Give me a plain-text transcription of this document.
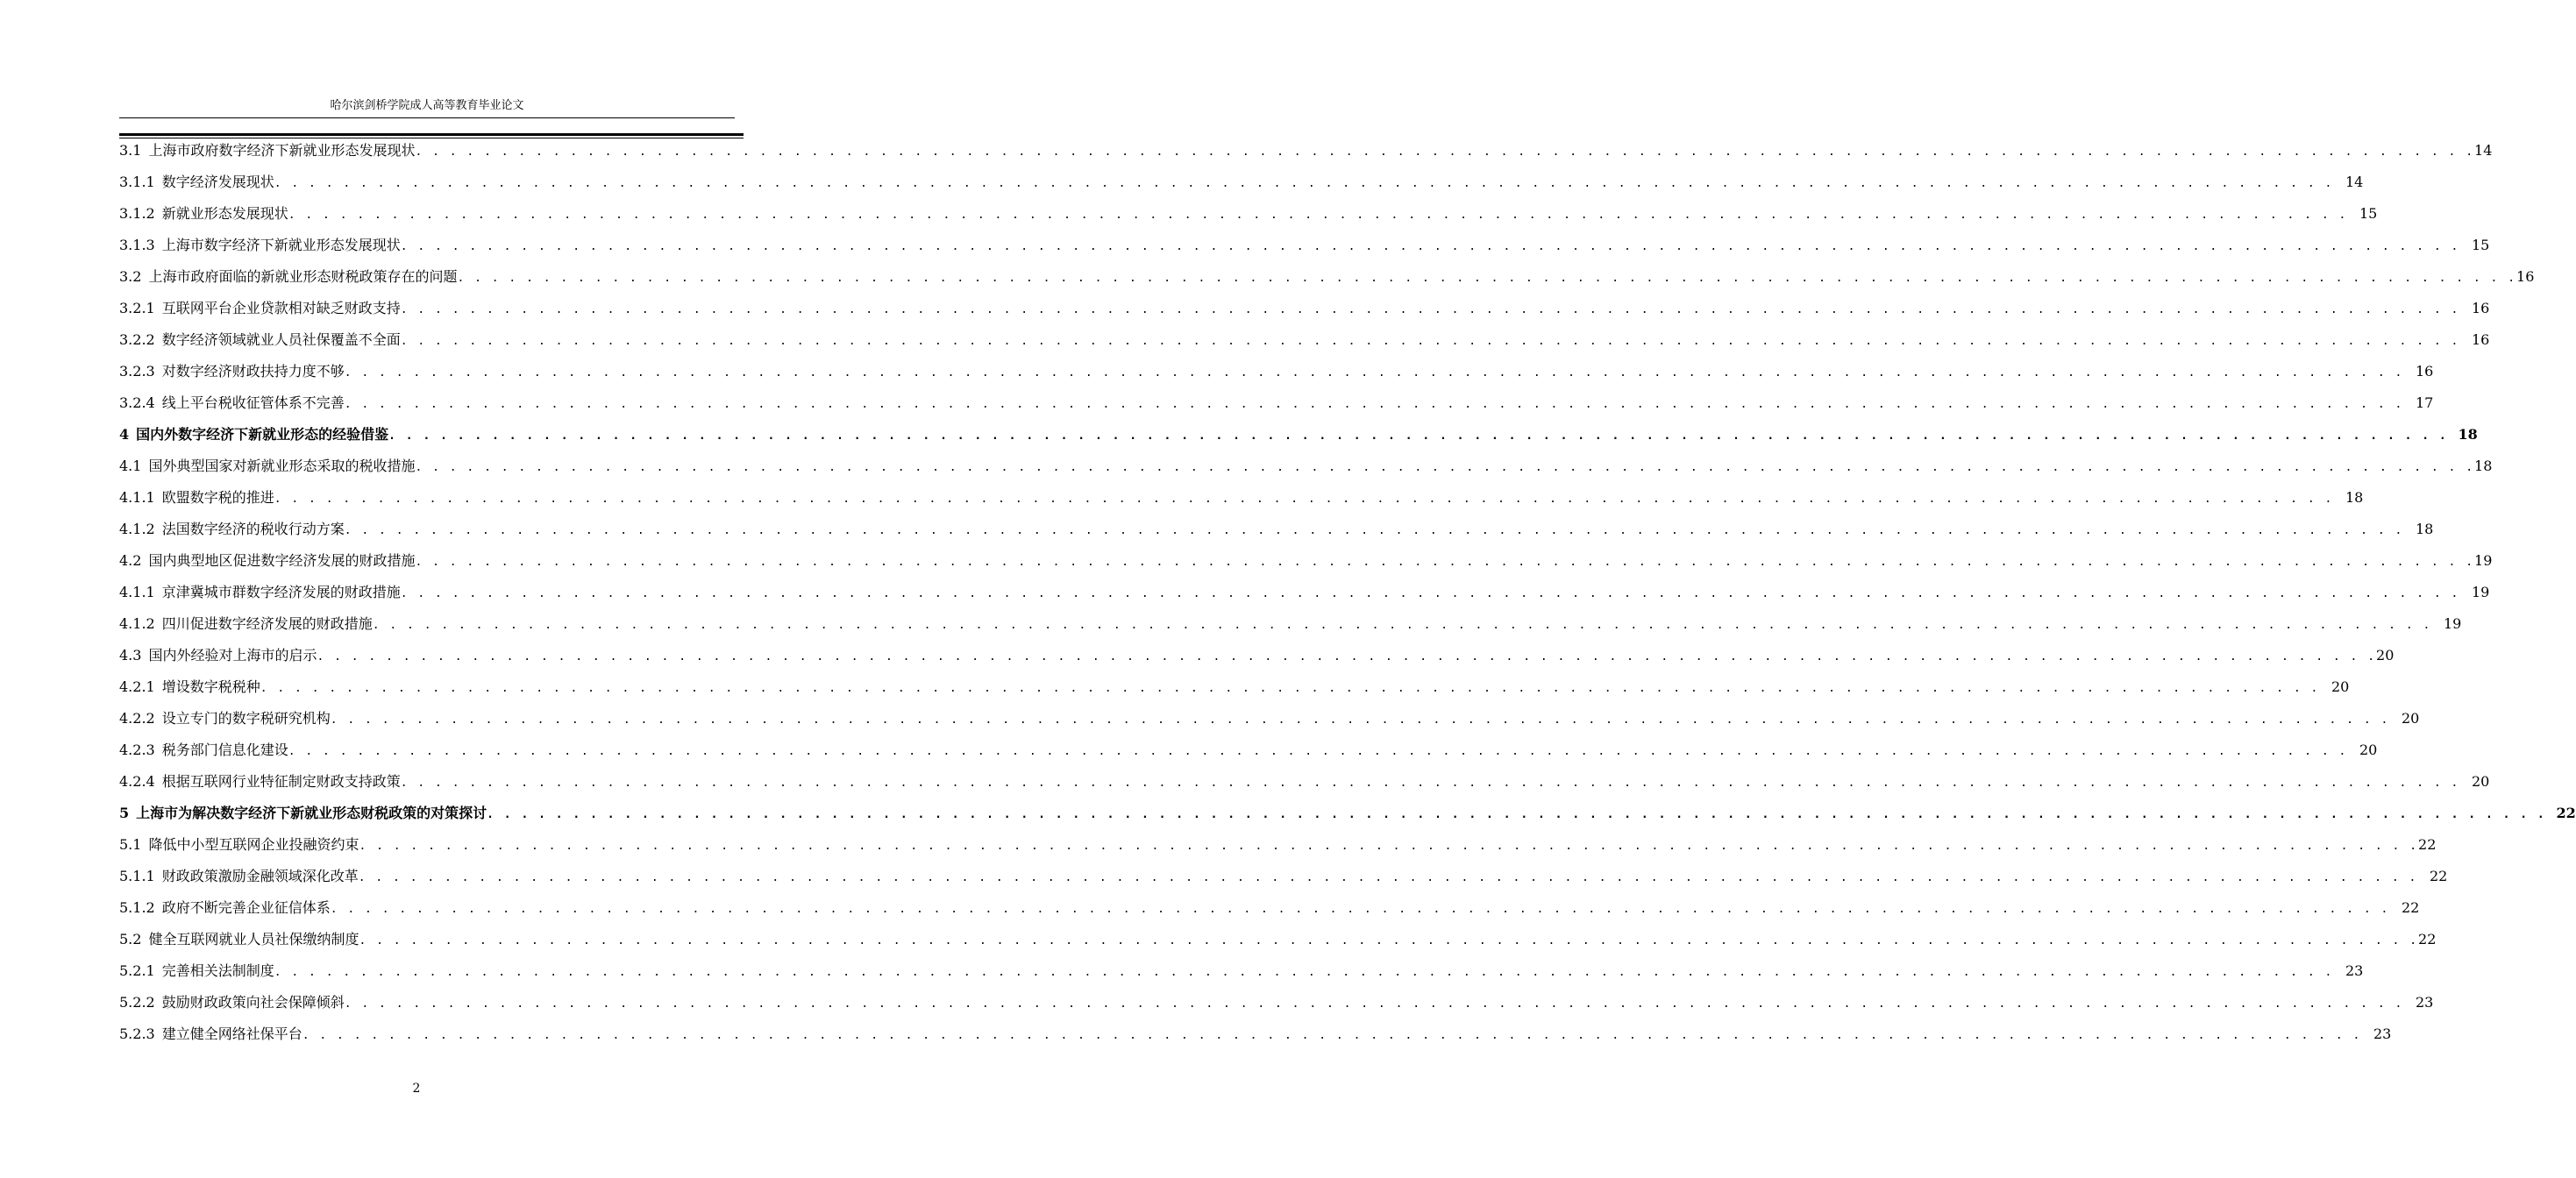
哈尔滨剑桥学院成人高等教育毕业论文
3.1 上海市政府数字经济下新就业形态发展现状 . . . . . . . . . . . . . . . . . . . . . . . . . . . . . . . . . . . . . . . . . . . . . . . . . . . . . . . . . . . . . . . . . . . . . . . . . . . . . . . . . . . . . . . . . . . . . . . . . . . . . . . . . . . . . . . . . . . . . . . . 14
3.1.1 数字经济发展现状 . . . . . . . . . . . . . . . . . . . . . . . . . . . . . . . . . . . . . . . . . . . . . . . . . . . . . . . . . . . . . . . . . . . . . . . . . . . . . . . . . . . . . . . . . . . . . . . . . . . . . . . . . . . . . . . . . . . . . . . . 14
3.1.2 新就业形态发展现状 . . . . . . . . . . . . . . . . . . . . . . . . . . . . . . . . . . . . . . . . . . . . . . . . . . . . . . . . . . . . . . . . . . . . . . . . . . . . . . . . . . . . . . . . . . . . . . . . . . . . . . . . . . . . . . . . . . . . . . . . 15
3.1.3 上海市数字经济下新就业形态发展现状 . . . . . . . . . . . . . . . . . . . . . . . . . . . . . . . . . . . . . . . . . . . . . . . . . . . . . . . . . . . . . . . . . . . . . . . . . . . . . . . . . . . . . . . . . . . . . . . . . . . . . . . . . . . . . . . . . . . . . . . . 15
3.2 上海市政府面临的新就业形态财税政策存在的问题 . . . . . . . . . . . . . . . . . . . . . . . . . . . . . . . . . . . . . . . . . . . . . . . . . . . . . . . . . . . . . . . . . . . . . . . . . . . . . . . . . . . . . . . . . . . . . . . . . . . . . . . . . . . . . . . . . . . . . . . . 16
3.2.1 互联网平台企业贷款相对缺乏财政支持 . . . . . . . . . . . . . . . . . . . . . . . . . . . . . . . . . . . . . . . . . . . . . . . . . . . . . . . . . . . . . . . . . . . . . . . . . . . . . . . . . . . . . . . . . . . . . . . . . . . . . . . . . . . . . . . . . . . . . . . . 16
3.2.2 数字经济领域就业人员社保覆盖不全面 . . . . . . . . . . . . . . . . . . . . . . . . . . . . . . . . . . . . . . . . . . . . . . . . . . . . . . . . . . . . . . . . . . . . . . . . . . . . . . . . . . . . . . . . . . . . . . . . . . . . . . . . . . . . . . . . . . . . . . . . 16
3.2.3 对数字经济财政扶持力度不够 . . . . . . . . . . . . . . . . . . . . . . . . . . . . . . . . . . . . . . . . . . . . . . . . . . . . . . . . . . . . . . . . . . . . . . . . . . . . . . . . . . . . . . . . . . . . . . . . . . . . . . . . . . . . . . . . . . . . . . . . 16
3.2.4 线上平台税收征管体系不完善 . . . . . . . . . . . . . . . . . . . . . . . . . . . . . . . . . . . . . . . . . . . . . . . . . . . . . . . . . . . . . . . . . . . . . . . . . . . . . . . . . . . . . . . . . . . . . . . . . . . . . . . . . . . . . . . . . . . . . . . . 17
4 国内外数字经济下新就业形态的经验借鉴 . . . . . . . . . . . . . . . . . . . . . . . . . . . . . . . . . . . . . . . . . . . . . . . . . . . . . . . . . . . . . . . . . . . . . . . . . . . . . . . . . . . . . . . . . . . . . . . . . . . . . . . . . . . . . . . . . . . . . . . . 18
4.1 国外典型国家对新就业形态采取的税收措施 . . . . . . . . . . . . . . . . . . . . . . . . . . . . . . . . . . . . . . . . . . . . . . . . . . . . . . . . . . . . . . . . . . . . . . . . . . . . . . . . . . . . . . . . . . . . . . . . . . . . . . . . . . . . . . . . . . . . . . . . 18
4.1.1 欧盟数字税的推进 . . . . . . . . . . . . . . . . . . . . . . . . . . . . . . . . . . . . . . . . . . . . . . . . . . . . . . . . . . . . . . . . . . . . . . . . . . . . . . . . . . . . . . . . . . . . . . . . . . . . . . . . . . . . . . . . . . . . . . . . 18
4.1.2 法国数字经济的税收行动方案 . . . . . . . . . . . . . . . . . . . . . . . . . . . . . . . . . . . . . . . . . . . . . . . . . . . . . . . . . . . . . . . . . . . . . . . . . . . . . . . . . . . . . . . . . . . . . . . . . . . . . . . . . . . . . . . . . . . . . . . . 18
4.2 国内典型地区促进数字经济发展的财政措施 . . . . . . . . . . . . . . . . . . . . . . . . . . . . . . . . . . . . . . . . . . . . . . . . . . . . . . . . . . . . . . . . . . . . . . . . . . . . . . . . . . . . . . . . . . . . . . . . . . . . . . . . . . . . . . . . . . . . . . . . 19
4.1.1 京津冀城市群数字经济发展的财政措施 . . . . . . . . . . . . . . . . . . . . . . . . . . . . . . . . . . . . . . . . . . . . . . . . . . . . . . . . . . . . . . . . . . . . . . . . . . . . . . . . . . . . . . . . . . . . . . . . . . . . . . . . . . . . . . . . . . . . . . . . 19
4.1.2 四川促进数字经济发展的财政措施 . . . . . . . . . . . . . . . . . . . . . . . . . . . . . . . . . . . . . . . . . . . . . . . . . . . . . . . . . . . . . . . . . . . . . . . . . . . . . . . . . . . . . . . . . . . . . . . . . . . . . . . . . . . . . . . . . . . . . . . . 19
4.3 国内外经验对上海市的启示 . . . . . . . . . . . . . . . . . . . . . . . . . . . . . . . . . . . . . . . . . . . . . . . . . . . . . . . . . . . . . . . . . . . . . . . . . . . . . . . . . . . . . . . . . . . . . . . . . . . . . . . . . . . . . . . . . . . . . . . . 20
4.2.1 增设数字税税种 . . . . . . . . . . . . . . . . . . . . . . . . . . . . . . . . . . . . . . . . . . . . . . . . . . . . . . . . . . . . . . . . . . . . . . . . . . . . . . . . . . . . . . . . . . . . . . . . . . . . . . . . . . . . . . . . . . . . . . . . 20
4.2.2 设立专门的数字税研究机构 . . . . . . . . . . . . . . . . . . . . . . . . . . . . . . . . . . . . . . . . . . . . . . . . . . . . . . . . . . . . . . . . . . . . . . . . . . . . . . . . . . . . . . . . . . . . . . . . . . . . . . . . . . . . . . . . . . . . . . . . 20
4.2.3 税务部门信息化建设 . . . . . . . . . . . . . . . . . . . . . . . . . . . . . . . . . . . . . . . . . . . . . . . . . . . . . . . . . . . . . . . . . . . . . . . . . . . . . . . . . . . . . . . . . . . . . . . . . . . . . . . . . . . . . . . . . . . . . . . . 20
4.2.4 根据互联网行业特征制定财政支持政策 . . . . . . . . . . . . . . . . . . . . . . . . . . . . . . . . . . . . . . . . . . . . . . . . . . . . . . . . . . . . . . . . . . . . . . . . . . . . . . . . . . . . . . . . . . . . . . . . . . . . . . . . . . . . . . . . . . . . . . . . 20
5 上海市为解决数字经济下新就业形态财税政策的对策探讨 . . . . . . . . . . . . . . . . . . . . . . . . . . . . . . . . . . . . . . . . . . . . . . . . . . . . . . . . . . . . . . . . . . . . . . . . . . . . . . . . . . . . . . . . . . . . . . . . . . . . . . . . . . . . . . . . . . . . . . . . 22
5.1 降低中小型互联网企业投融资约束 . . . . . . . . . . . . . . . . . . . . . . . . . . . . . . . . . . . . . . . . . . . . . . . . . . . . . . . . . . . . . . . . . . . . . . . . . . . . . . . . . . . . . . . . . . . . . . . . . . . . . . . . . . . . . . . . . . . . . . . . 22
5.1.1 财政政策激励金融领域深化改革 . . . . . . . . . . . . . . . . . . . . . . . . . . . . . . . . . . . . . . . . . . . . . . . . . . . . . . . . . . . . . . . . . . . . . . . . . . . . . . . . . . . . . . . . . . . . . . . . . . . . . . . . . . . . . . . . . . . . . . . . 22
5.1.2 政府不断完善企业征信体系 . . . . . . . . . . . . . . . . . . . . . . . . . . . . . . . . . . . . . . . . . . . . . . . . . . . . . . . . . . . . . . . . . . . . . . . . . . . . . . . . . . . . . . . . . . . . . . . . . . . . . . . . . . . . . . . . . . . . . . . . 22
5.2 健全互联网就业人员社保缴纳制度 . . . . . . . . . . . . . . . . . . . . . . . . . . . . . . . . . . . . . . . . . . . . . . . . . . . . . . . . . . . . . . . . . . . . . . . . . . . . . . . . . . . . . . . . . . . . . . . . . . . . . . . . . . . . . . . . . . . . . . . . 22
5.2.1 完善相关法制制度 . . . . . . . . . . . . . . . . . . . . . . . . . . . . . . . . . . . . . . . . . . . . . . . . . . . . . . . . . . . . . . . . . . . . . . . . . . . . . . . . . . . . . . . . . . . . . . . . . . . . . . . . . . . . . . . . . . . . . . . . 23
5.2.2 鼓励财政政策向社会保障倾斜 . . . . . . . . . . . . . . . . . . . . . . . . . . . . . . . . . . . . . . . . . . . . . . . . . . . . . . . . . . . . . . . . . . . . . . . . . . . . . . . . . . . . . . . . . . . . . . . . . . . . . . . . . . . . . . . . . . . . . . . . 23
5.2.3 建立健全网络社保平台 . . . . . . . . . . . . . . . . . . . . . . . . . . . . . . . . . . . . . . . . . . . . . . . . . . . . . . . . . . . . . . . . . . . . . . . . . . . . . . . . . . . . . . . . . . . . . . . . . . . . . . . . . . . . . . . . . . . . . . . . 23
2
